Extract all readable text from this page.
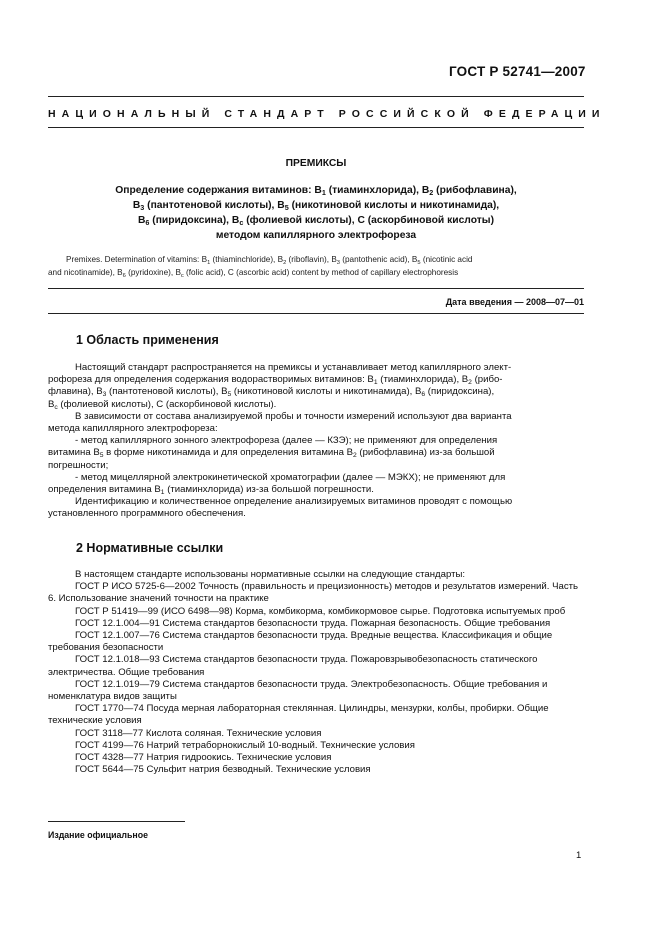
ГОСТ Р 52741—2007
НАЦИОНАЛЬНЫЙ СТАНДАРТ РОССИЙСКОЙ ФЕДЕРАЦИИ
ПРЕМИКСЫ
Определение содержания витаминов: $B_1$ (тиаминхлорида), $B_2$ (рибофлавина),
$B_3$ (пантотеновой кислоты), $B_5$ (никотиновой кислоты и никотинамида),
$B_6$ (пиридоксина), $B_c$ (фолиевой кислоты), C (аскорбиновой кислоты)
методом капиллярного электрофореза
Premixes. Determination of vitamins: $B_1$ (thiaminchloride), $B_2$ (riboflavin), $B_3$ (pantothenic acid), $B_5$ (nicotinic acid
and nicotinamide), $B_6$ (pyridoxine), $B_c$ (folic acid), C (ascorbic acid) content by method of capillary electrophoresis
Дата введения — 2008—07—01
1 Область применения
Настоящий стандарт распространяется на премиксы и устанавливает метод капиллярного элект-
рофореза для определения содержания водорастворимых витаминов: $B_1$ (тиаминхлорида), $B_2$ (рибо-
флавина), $B_3$ (пантотеновой кислоты), $B_5$ (никотиновой кислоты и никотинамида), $B_6$ (пиридоксина),
$B_c$ (фолиевой кислоты), C (аскорбиновой кислоты).
В зависимости от состава анализируемой пробы и точности измерений используют два варианта
метода капиллярного электрофореза:
- метод капиллярного зонного электрофореза (далее — КЗЭ); не применяют для определения
витамина $B_5$ в форме никотинамида и для определения витамина $B_2$ (рибофлавина) из-за большой
погрешности;
- метод мицеллярной электрокинетической хроматографии (далее — МЭКХ); не применяют для
определения витамина $B_1$ (тиаминхлорида) из-за большой погрешности.
Идентификацию и количественное определение анализируемых витаминов проводят с помощью
установленного программного обеспечения.
2 Нормативные ссылки
В настоящем стандарте использованы нормативные ссылки на следующие стандарты:
ГОСТ Р ИСО 5725-6—2002 Точность (правильность и прецизионность) методов и результатов измерений. Часть 6. Использование значений точности на практике
ГОСТ Р 51419—99 (ИСО 6498—98) Корма, комбикорма, комбикормовое сырье. Подготовка испытуемых проб
ГОСТ 12.1.004—91 Система стандартов безопасности труда. Пожарная безопасность. Общие требования
ГОСТ 12.1.007—76 Система стандартов безопасности труда. Вредные вещества. Классификация и общие требования безопасности
ГОСТ 12.1.018—93 Система стандартов безопасности труда. Пожаровзрывобезопасность статического электричества. Общие требования
ГОСТ 12.1.019—79 Система стандартов безопасности труда. Электробезопасность. Общие требования и номенклатура видов защиты
ГОСТ 1770—74 Посуда мерная лабораторная стеклянная. Цилиндры, мензурки, колбы, пробирки. Общие технические условия
ГОСТ 3118—77 Кислота соляная. Технические условия
ГОСТ 4199—76 Натрий тетраборнокислый 10-водный. Технические условия
ГОСТ 4328—77 Натрия гидроокись. Технические условия
ГОСТ 5644—75 Сульфит натрия безводный. Технические условия
Издание официальное
1
